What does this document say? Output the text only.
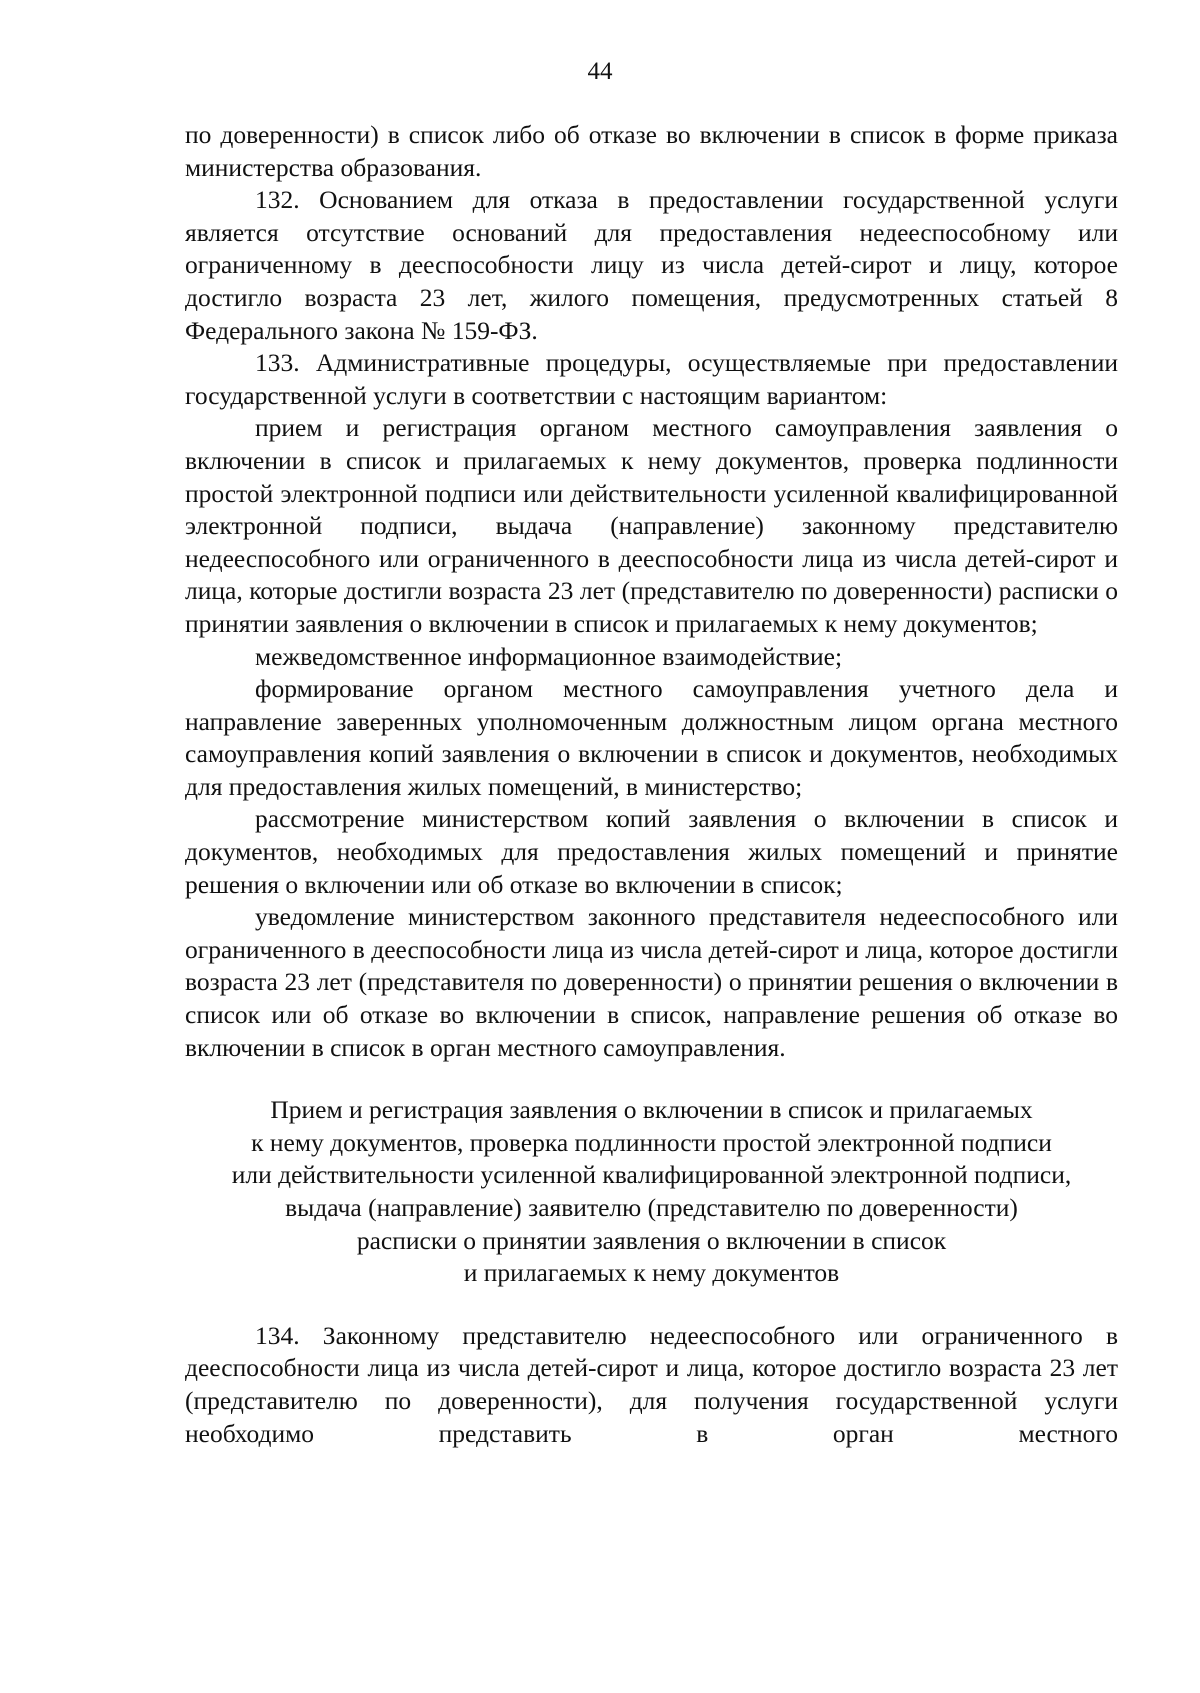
44

по доверенности) в список либо об отказе во включении в список в форме приказа министерства образования.

132. Основанием для отказа в предоставлении государственной услуги является отсутствие оснований для предоставления недееспособному или ограниченному в дееспособности лицу из числа детей-сирот и лицу, которое достигло возраста 23 лет, жилого помещения, предусмотренных статьей 8 Федерального закона № 159-ФЗ.

133. Административные процедуры, осуществляемые при предоставлении государственной услуги в соответствии с настоящим вариантом:

прием и регистрация органом местного самоуправления заявления о включении в список и прилагаемых к нему документов, проверка подлинности простой электронной подписи или действительности усиленной квалифицированной электронной подписи, выдача (направление) законному представителю недееспособного или ограниченного в дееспособности лица из числа детей-сирот и лица, которые достигли возраста 23 лет (представителю по доверенности) расписки о принятии заявления о включении в список и прилагаемых к нему документов;

межведомственное информационное взаимодействие;

формирование органом местного самоуправления учетного дела и направление заверенных уполномоченным должностным лицом органа местного самоуправления копий заявления о включении в список и документов, необходимых для предоставления жилых помещений, в министерство;

рассмотрение министерством копий заявления о включении в список и документов, необходимых для предоставления жилых помещений и принятие решения о включении или об отказе во включении в список;

уведомление министерством законного представителя недееспособного или ограниченного в дееспособности лица из числа детей-сирот и лица, которое достигли возраста 23 лет (представителя по доверенности) о принятии решения о включении в список или об отказе во включении в список, направление решения об отказе во включении в список в орган местного самоуправления.

Прием и регистрация заявления о включении в список и прилагаемых
к нему документов, проверка подлинности простой электронной подписи
или действительности усиленной квалифицированной электронной подписи,
выдача (направление) заявителю (представителю по доверенности)
расписки о принятии заявления о включении в список
и прилагаемых к нему документов

134. Законному представителю недееспособного или ограниченного в дееспособности лица из числа детей-сирот и лица, которое достигло возраста 23 лет (представителю по доверенности), для получения государственной услуги необходимо представить в орган местного
